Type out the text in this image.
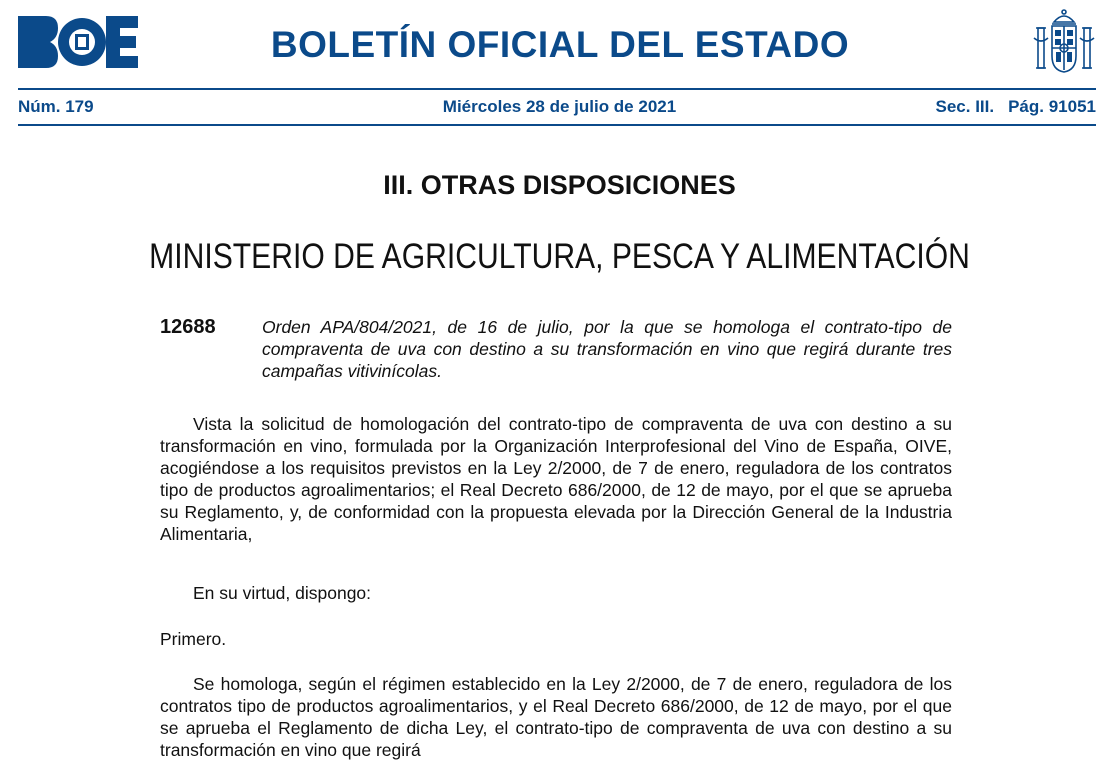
BOLETÍN OFICIAL DEL ESTADO
Núm. 179	Miércoles 28 de julio de 2021	Sec. III. Pág. 91051
III. OTRAS DISPOSICIONES
MINISTERIO DE AGRICULTURA, PESCA Y ALIMENTACIÓN
12688	Orden APA/804/2021, de 16 de julio, por la que se homologa el contrato-tipo de compraventa de uva con destino a su transformación en vino que regirá durante tres campañas vitivinícolas.
Vista la solicitud de homologación del contrato-tipo de compraventa de uva con destino a su transformación en vino, formulada por la Organización Interprofesional del Vino de España, OIVE, acogiéndose a los requisitos previstos en la Ley 2/2000, de 7 de enero, reguladora de los contratos tipo de productos agroalimentarios; el Real Decreto 686/2000, de 12 de mayo, por el que se aprueba su Reglamento, y, de conformidad con la propuesta elevada por la Dirección General de la Industria Alimentaria,
En su virtud, dispongo:
Primero.
Se homologa, según el régimen establecido en la Ley 2/2000, de 7 de enero, reguladora de los contratos tipo de productos agroalimentarios, y el Real Decreto 686/2000, de 12 de mayo, por el que se aprueba el Reglamento de dicha Ley, el contrato-tipo de compraventa de uva con destino a su transformación en vino que regirá
